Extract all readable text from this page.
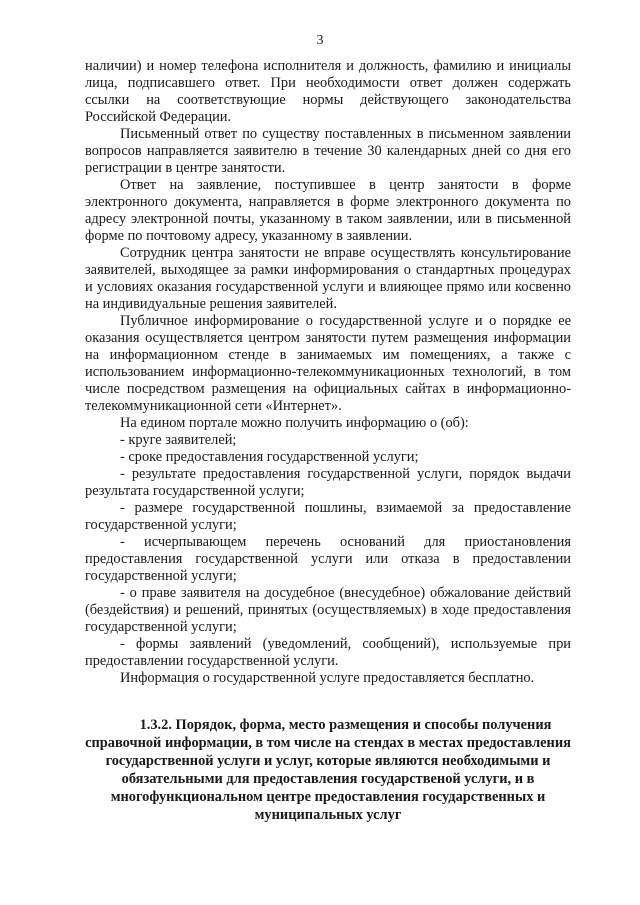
3

наличии) и номер телефона исполнителя и должность, фамилию и инициалы лица, подписавшего ответ. При необходимости ответ должен содержать ссылки на соответствующие нормы действующего законодательства Российской Федерации.

Письменный ответ по существу поставленных в письменном заявлении вопросов направляется заявителю в течение 30 календарных дней со дня его регистрации в центре занятости.

Ответ на заявление, поступившее в центр занятости в форме электронного документа, направляется в форме электронного документа по адресу электронной почты, указанному в таком заявлении, или в письменной форме по почтовому адресу, указанному в заявлении.

Сотрудник центра занятости не вправе осуществлять консультирование заявителей, выходящее за рамки информирования о стандартных процедурах и условиях оказания государственной услуги и влияющее прямо или косвенно на индивидуальные решения заявителей.

Публичное информирование о государственной услуге и о порядке ее оказания осуществляется центром занятости путем размещения информации на информационном стенде в занимаемых им помещениях, а также с использованием информационно-телекоммуникационных технологий, в том числе посредством размещения на официальных сайтах в информационно-телекоммуникационной сети «Интернет».

На едином портале можно получить информацию о (об):

- круге заявителей;

- сроке предоставления государственной услуги;

- результате предоставления государственной услуги, порядок выдачи результата государственной услуги;

- размере государственной пошлины, взимаемой за предоставление государственной услуги;

- исчерпывающем перечень оснований для приостановления предоставления государственной услуги или отказа в предоставлении государственной услуги;

- о праве заявителя на досудебное (внесудебное) обжалование действий (бездействия) и решений, принятых (осуществляемых) в ходе предоставления государственной услуги;

- формы заявлений (уведомлений, сообщений), используемые при предоставлении государственной услуги.

Информация о государственной услуге предоставляется бесплатно.

1.3.2. Порядок, форма, место размещения и способы получения справочной информации, в том числе на стендах в местах предоставления государственной услуги и услуг, которые являются необходимыми и обязательными для предоставления государственой услуги, и в многофункциональном центре предоставления государственных и муниципальных услуг
